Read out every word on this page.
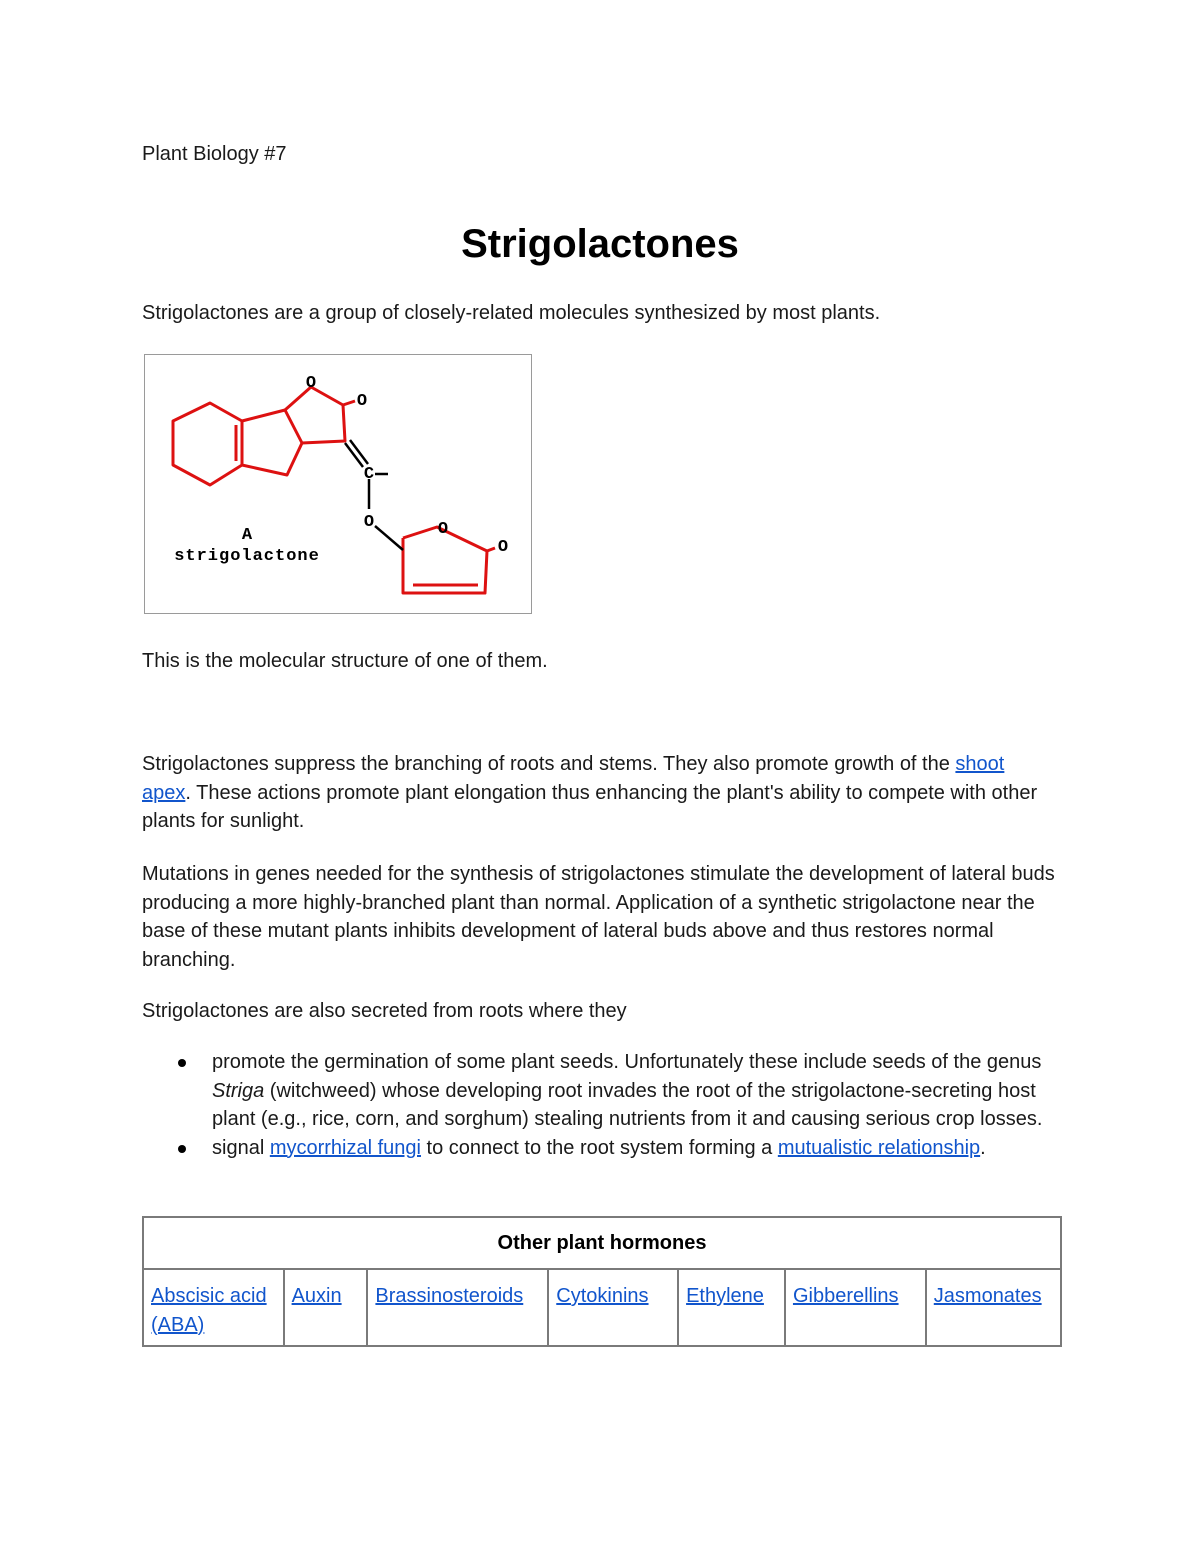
Plant Biology #7
Strigolactones

Strigolactones are a group of closely-related molecules synthesized by most plants.

O
O
C
O	O
O
A
strigolactone

This is the molecular structure of one of them.

Strigolactones suppress the branching of roots and stems. They also promote growth of the shoot apex. These actions promote plant elongation thus enhancing the plant's ability to compete with other plants for sunlight.

Mutations in genes needed for the synthesis of strigolactones stimulate the development of lateral buds producing a more highly-branched plant than normal. Application of a synthetic strigolactone near the base of these mutant plants inhibits development of lateral buds above and thus restores normal branching.

Strigolactones are also secreted from roots where they

promote the germination of some plant seeds. Unfortunately these include seeds of the genus Striga (witchweed) whose developing root invades the root of the strigolactone-secreting host plant (e.g., rice, corn, and sorghum) stealing nutrients from it and causing serious crop losses.
signal mycorrhizal fungi to connect to the root system forming a mutualistic relationship.
Other plant hormones
Abscisic acid (ABA)	Auxin	Brassinosteroids	Cytokinins	Ethylene	Gibberellins	Jasmonates
